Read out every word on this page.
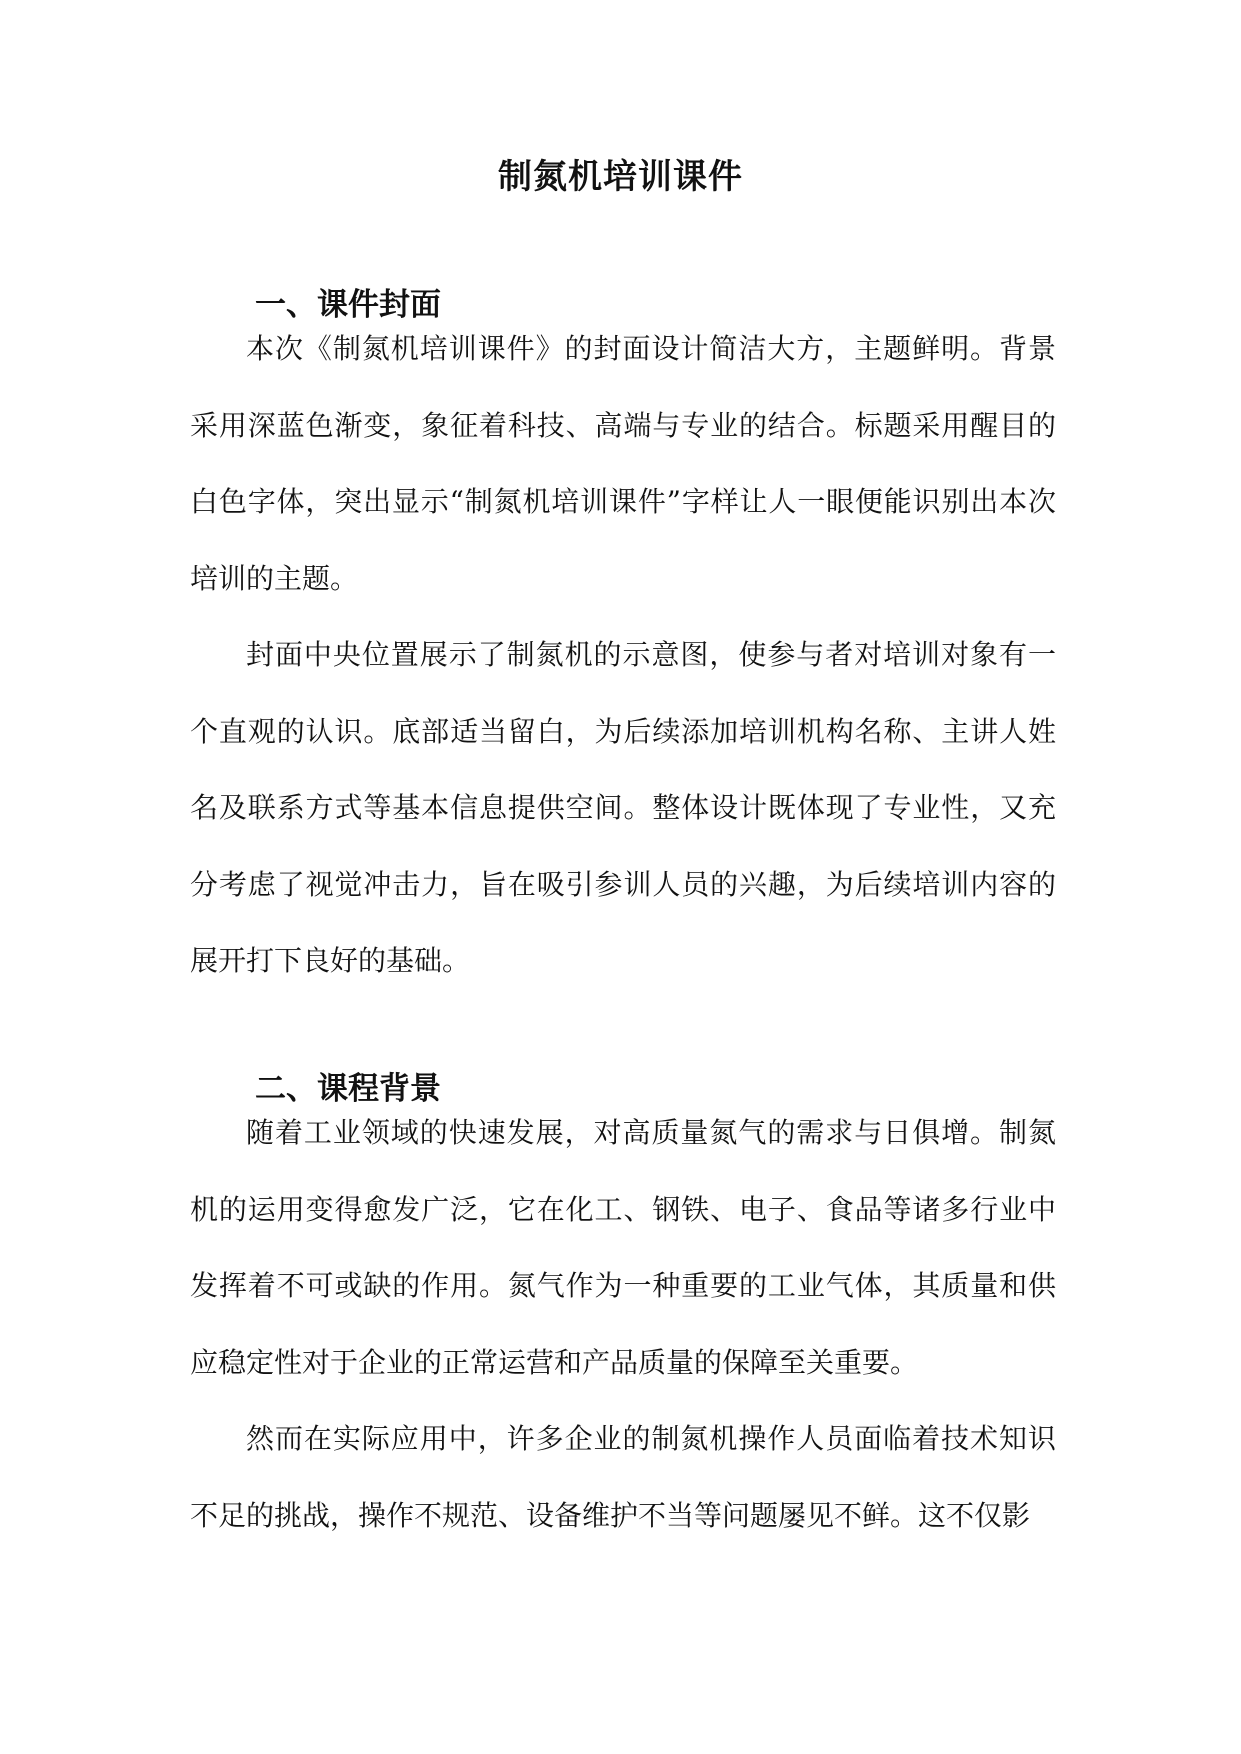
制氮机培训课件
一、课件封面

本次《制氮机培训课件》的封面设计简洁大方，主题鲜明。背景采用深蓝色渐变，象征着科技、高端与专业的结合。标题采用醒目的白色字体，突出显示“制氮机培训课件”字样让人一眼便能识别出本次培训的主题。

封面中央位置展示了制氮机的示意图，使参与者对培训对象有一个直观的认识。底部适当留白，为后续添加培训机构名称、主讲人姓名及联系方式等基本信息提供空间。整体设计既体现了专业性，又充分考虑了视觉冲击力，旨在吸引参训人员的兴趣，为后续培训内容的展开打下良好的基础。

二、课程背景

随着工业领域的快速发展，对高质量氮气的需求与日俱增。制氮机的运用变得愈发广泛，它在化工、钢铁、电子、食品等诸多行业中发挥着不可或缺的作用。氮气作为一种重要的工业气体，其质量和供应稳定性对于企业的正常运营和产品质量的保障至关重要。

然而在实际应用中，许多企业的制氮机操作人员面临着技术知识不足的挑战，操作不规范、设备维护不当等问题屡见不鲜。这不仅影
